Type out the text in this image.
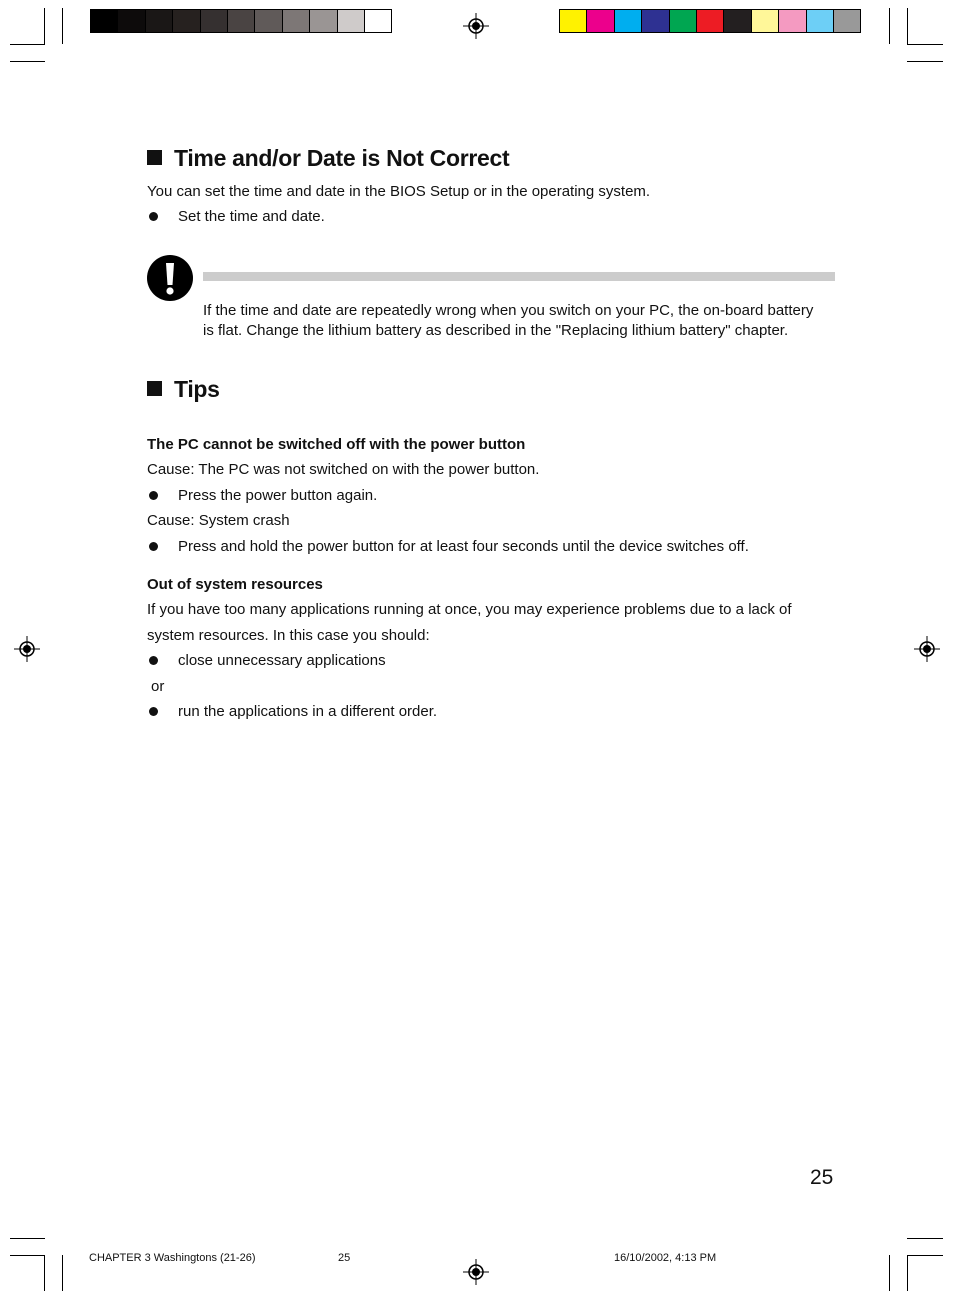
Time and/or Date is Not Correct
You can set the time and date in the BIOS Setup or in the operating system.
Set the time and date.
If the time and date are repeatedly wrong when you switch on your PC, the on-board battery
is flat. Change the lithium battery as described in the "Replacing lithium battery" chapter.
Tips
The PC cannot be switched off with the power button
Cause: The PC was not switched on with the power button.
Press the power button again.
Cause: System crash
Press and hold the power button for at least four seconds until the device switches off.
Out of system resources
If you have too many applications running at once, you may experience problems due to a lack of
system resources. In this case you should:
close unnecessary applications
or
run the applications in a different order.
25
CHAPTER 3 Washingtons (21-26)	25	16/10/2002, 4:13 PM
